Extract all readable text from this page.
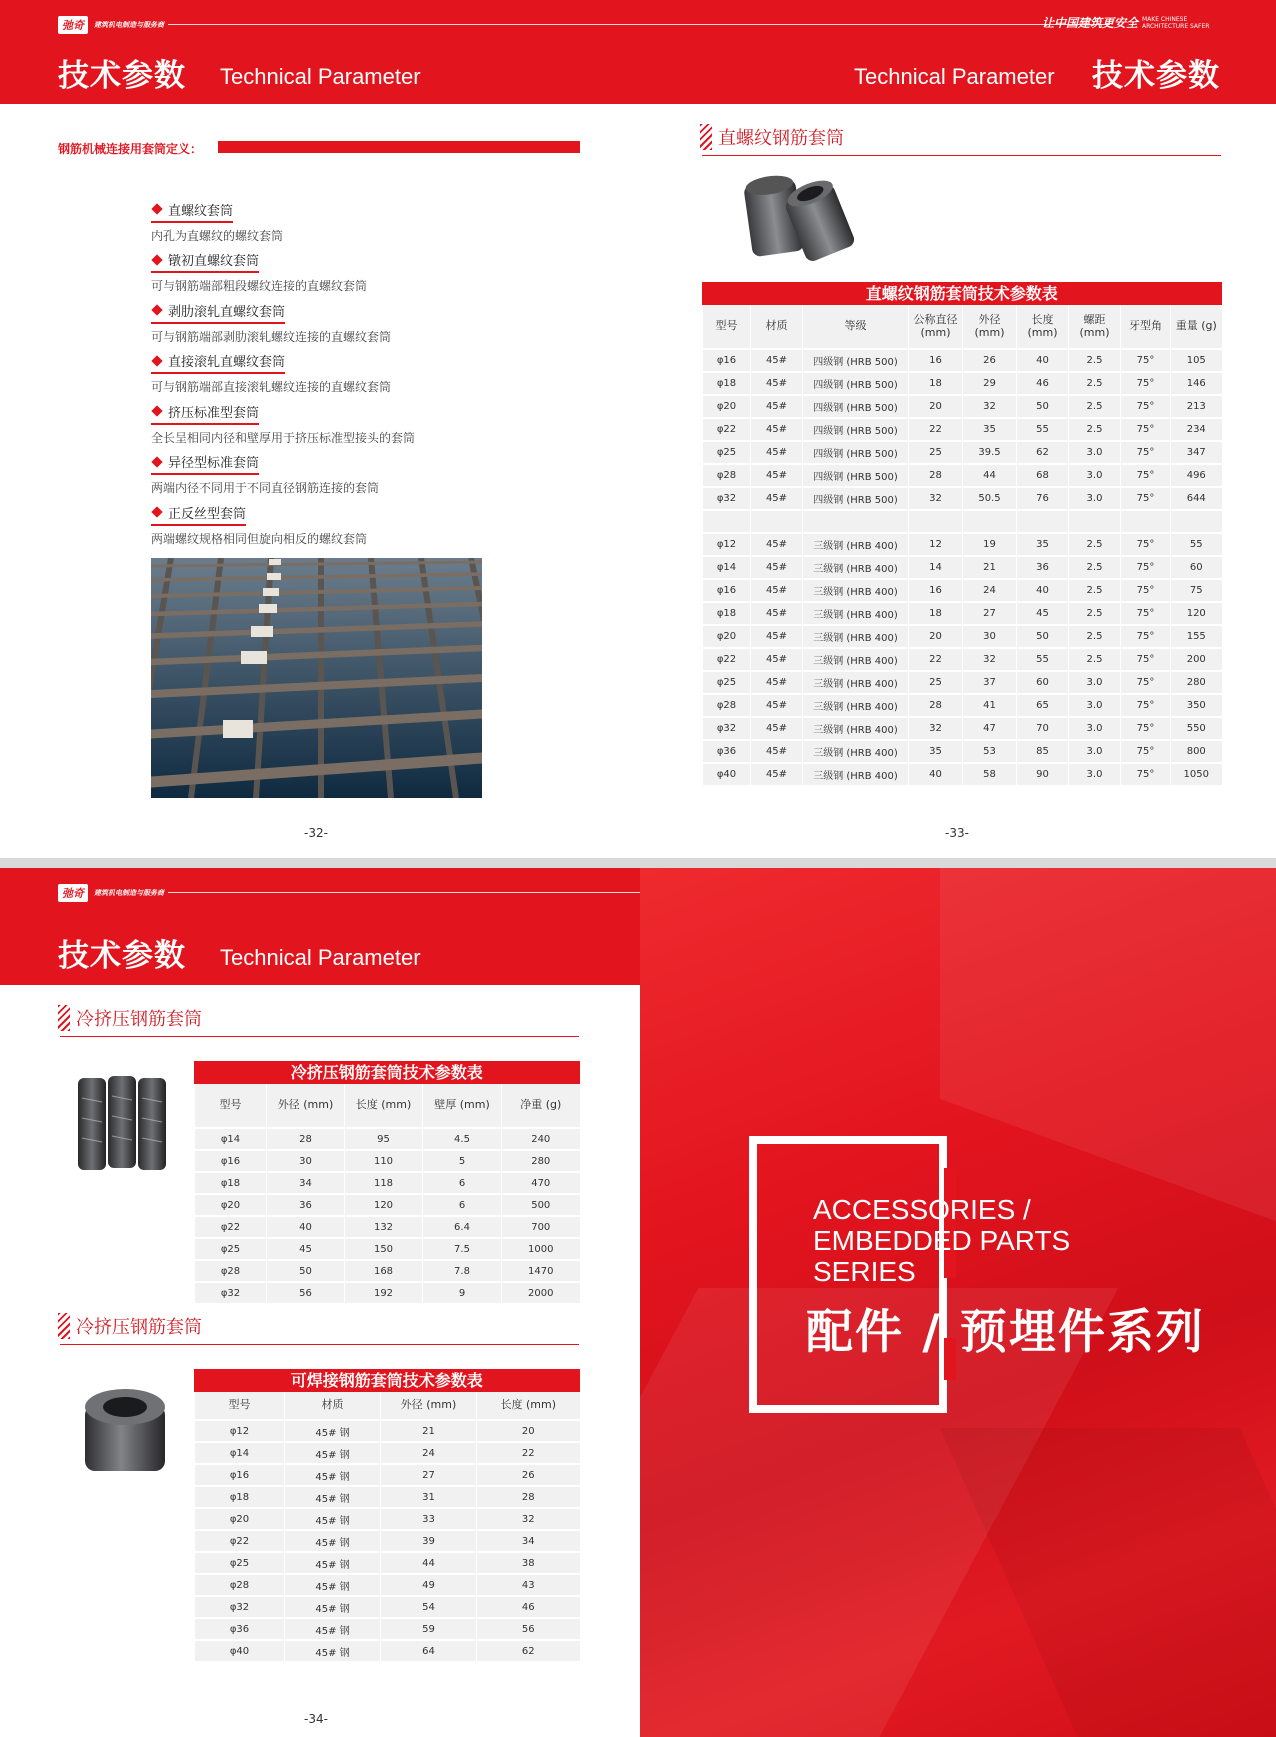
弛奇	建筑机电制造与服务商	让中国建筑更安全 MAKE CHINESE ARCHITECTURE SAFER
技术参数 Technical Parameter	Technical Parameter 技术参数
钢筋机械连接用套筒定义：
直螺纹套筒
内孔为直螺纹的螺纹套筒
镦初直螺纹套筒
可与钢筋端部粗段螺纹连接的直螺纹套筒
剥肋滚轧直螺纹套筒
可与钢筋端部剥肋滚轧螺纹连接的直螺纹套筒
直接滚轧直螺纹套筒
可与钢筋端部直接滚轧螺纹连接的直螺纹套筒
挤压标准型套筒
全长呈相同内径和壁厚用于挤压标准型接头的套筒
异径型标准套筒
两端内径不同用于不同直径钢筋连接的套筒
正反丝型套筒
两端螺纹规格相同但旋向相反的螺纹套筒
-32-
直螺纹钢筋套筒
直螺纹钢筋套筒技术参数表
型号	材质	等级	公称直径 (mm)	外径 (mm)	长度 (mm)	螺距 (mm)	牙型角	重量 (g)
φ16	45#	四级钢 (HRB 500)	16	26	40	2.5	75°	105
φ18	45#	四级钢 (HRB 500)	18	29	46	2.5	75°	146
φ20	45#	四级钢 (HRB 500)	20	32	50	2.5	75°	213
φ22	45#	四级钢 (HRB 500)	22	35	55	2.5	75°	234
φ25	45#	四级钢 (HRB 500)	25	39.5	62	3.0	75°	347
φ28	45#	四级钢 (HRB 500)	28	44	68	3.0	75°	496
φ32	45#	四级钢 (HRB 500)	32	50.5	76	3.0	75°	644

φ12	45#	三级钢 (HRB 400)	12	19	35	2.5	75°	55
φ14	45#	三级钢 (HRB 400)	14	21	36	2.5	75°	60
φ16	45#	三级钢 (HRB 400)	16	24	40	2.5	75°	75
φ18	45#	三级钢 (HRB 400)	18	27	45	2.5	75°	120
φ20	45#	三级钢 (HRB 400)	20	30	50	2.5	75°	155
φ22	45#	三级钢 (HRB 400)	22	32	55	2.5	75°	200
φ25	45#	三级钢 (HRB 400)	25	37	60	3.0	75°	280
φ28	45#	三级钢 (HRB 400)	28	41	65	3.0	75°	350
φ32	45#	三级钢 (HRB 400)	32	47	70	3.0	75°	550
φ36	45#	三级钢 (HRB 400)	35	53	85	3.0	75°	800
φ40	45#	三级钢 (HRB 400)	40	58	90	3.0	75°	1050
-33-
弛奇	建筑机电制造与服务商
技术参数 Technical Parameter
冷挤压钢筋套筒
冷挤压钢筋套筒技术参数表
型号	外径 (mm)	长度 (mm)	壁厚 (mm)	净重 (g)
φ14	28	95	4.5	240
φ16	30	110	5	280
φ18	34	118	6	470
φ20	36	120	6	500
φ22	40	132	6.4	700
φ25	45	150	7.5	1000
φ28	50	168	7.8	1470
φ32	56	192	9	2000
冷挤压钢筋套筒
可焊接钢筋套筒技术参数表
型号	材质	外径 (mm)	长度 (mm)
φ12	45# 钢	21	20
φ14	45# 钢	24	22
φ16	45# 钢	27	26
φ18	45# 钢	31	28
φ20	45# 钢	33	32
φ22	45# 钢	39	34
φ25	45# 钢	44	38
φ28	45# 钢	49	43
φ32	45# 钢	54	46
φ36	45# 钢	59	56
φ40	45# 钢	64	62
-34-
ACCESSORIES /
EMBEDDED PARTS
SERIES
配件 / 预埋件系列
